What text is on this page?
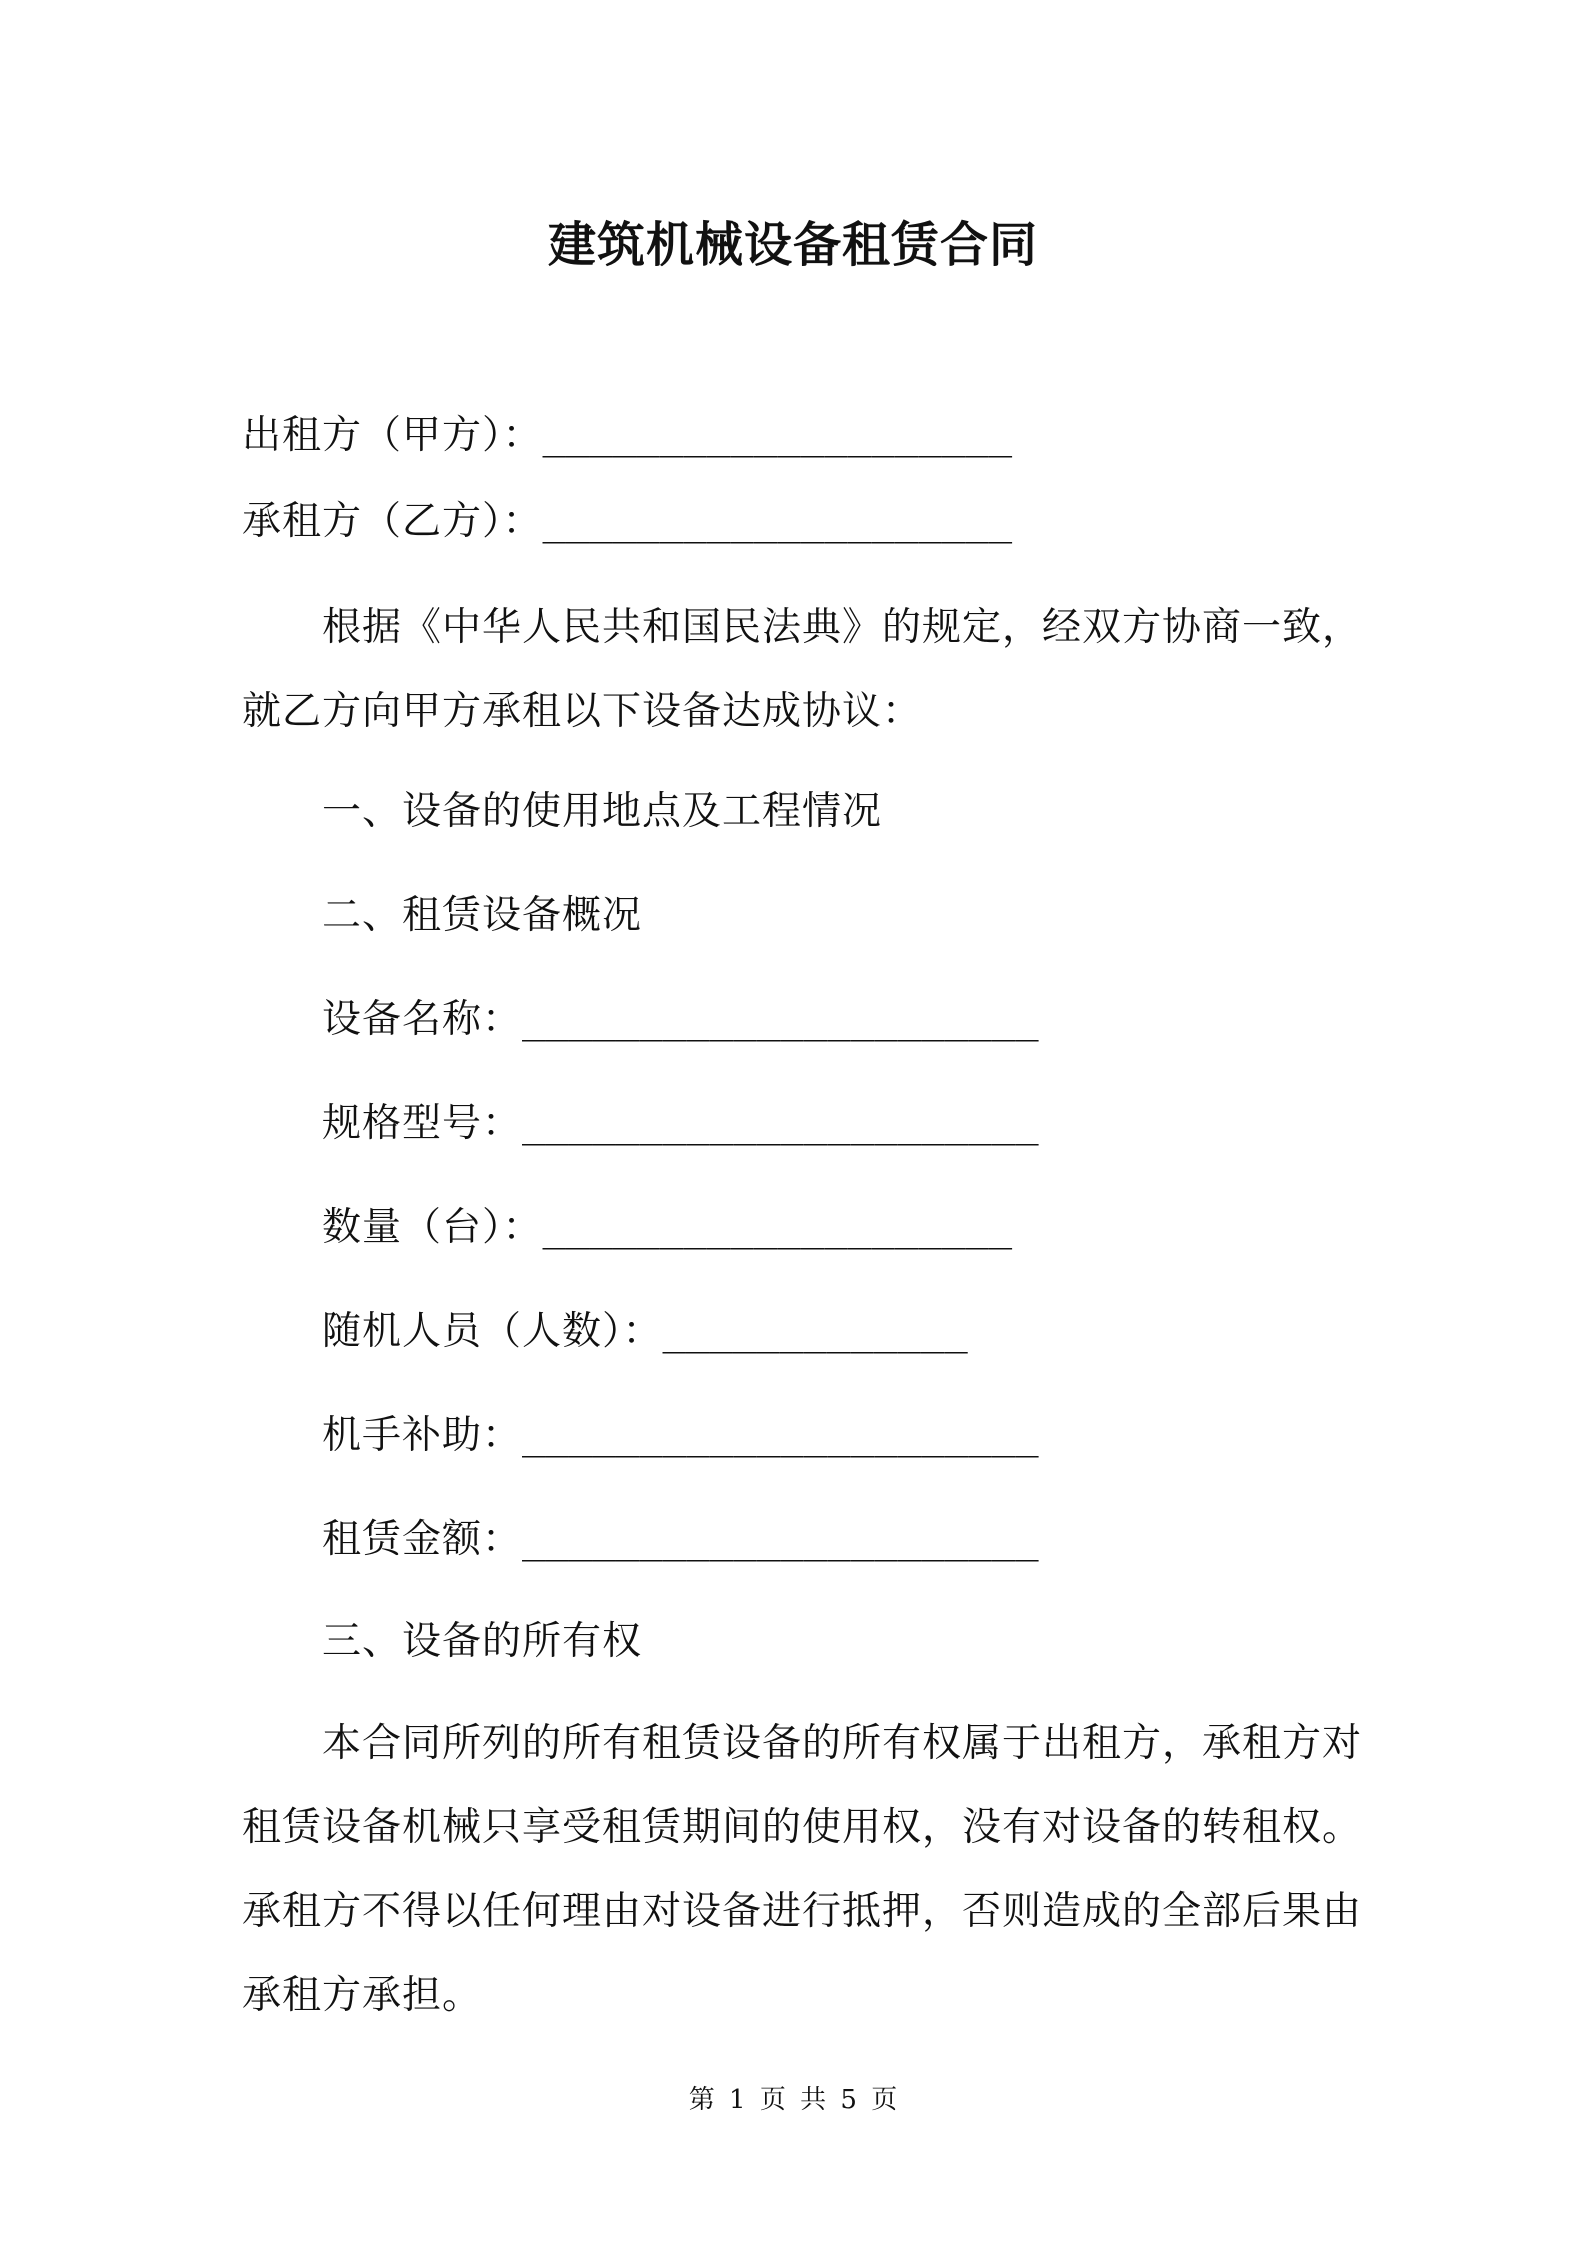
建筑机械设备租赁合同
出租方（甲方）：____________________
承租方（乙方）：____________________
根据《中华人民共和国民法典》的规定，经双方协商一致，
就乙方向甲方承租以下设备达成协议：
一、设备的使用地点及工程情况
二、租赁设备概况
设备名称：______________________
规格型号：______________________
数量（台）：____________________
随机人员（人数）：_____________
机手补助：______________________
租赁金额：______________________
三、设备的所有权
本合同所列的所有租赁设备的所有权属于出租方，承租方对
租赁设备机械只享受租赁期间的使用权，没有对设备的转租权。
承租方不得以任何理由对设备进行抵押，否则造成的全部后果由
承租方承担。
第 1 页 共 5 页
